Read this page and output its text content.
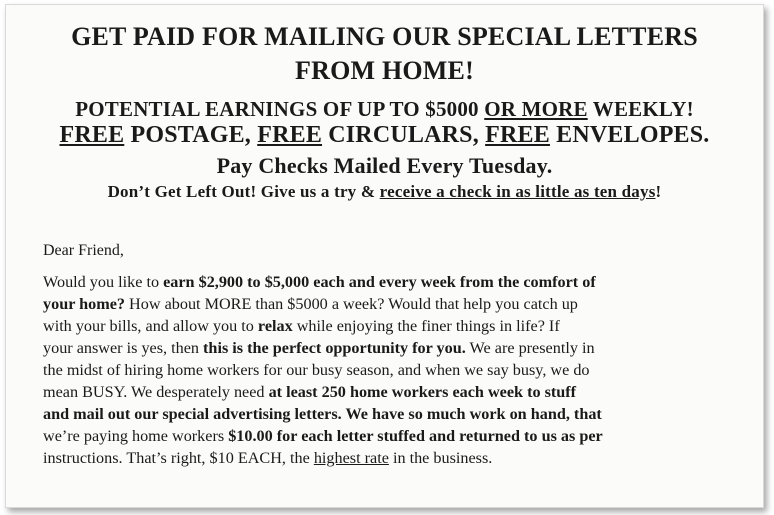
GET PAID FOR MAILING OUR SPECIAL LETTERS
FROM HOME!
POTENTIAL EARNINGS OF UP TO $5000 OR MORE WEEKLY!
FREE POSTAGE, FREE CIRCULARS, FREE ENVELOPES.
Pay Checks Mailed Every Tuesday.
Don’t Get Left Out! Give us a try & receive a check in as little as ten days!
Dear Friend,
Would you like to earn $2,900 to $5,000 each and every week from the comfort of
your home? How about MORE than $5000 a week? Would that help you catch up
with your bills, and allow you to relax while enjoying the finer things in life? If
your answer is yes, then this is the perfect opportunity for you. We are presently in
the midst of hiring home workers for our busy season, and when we say busy, we do
mean BUSY. We desperately need at least 250 home workers each week to stuff
and mail out our special advertising letters. We have so much work on hand, that
we’re paying home workers $10.00 for each letter stuffed and returned to us as per
instructions. That’s right, $10 EACH, the highest rate in the business.
